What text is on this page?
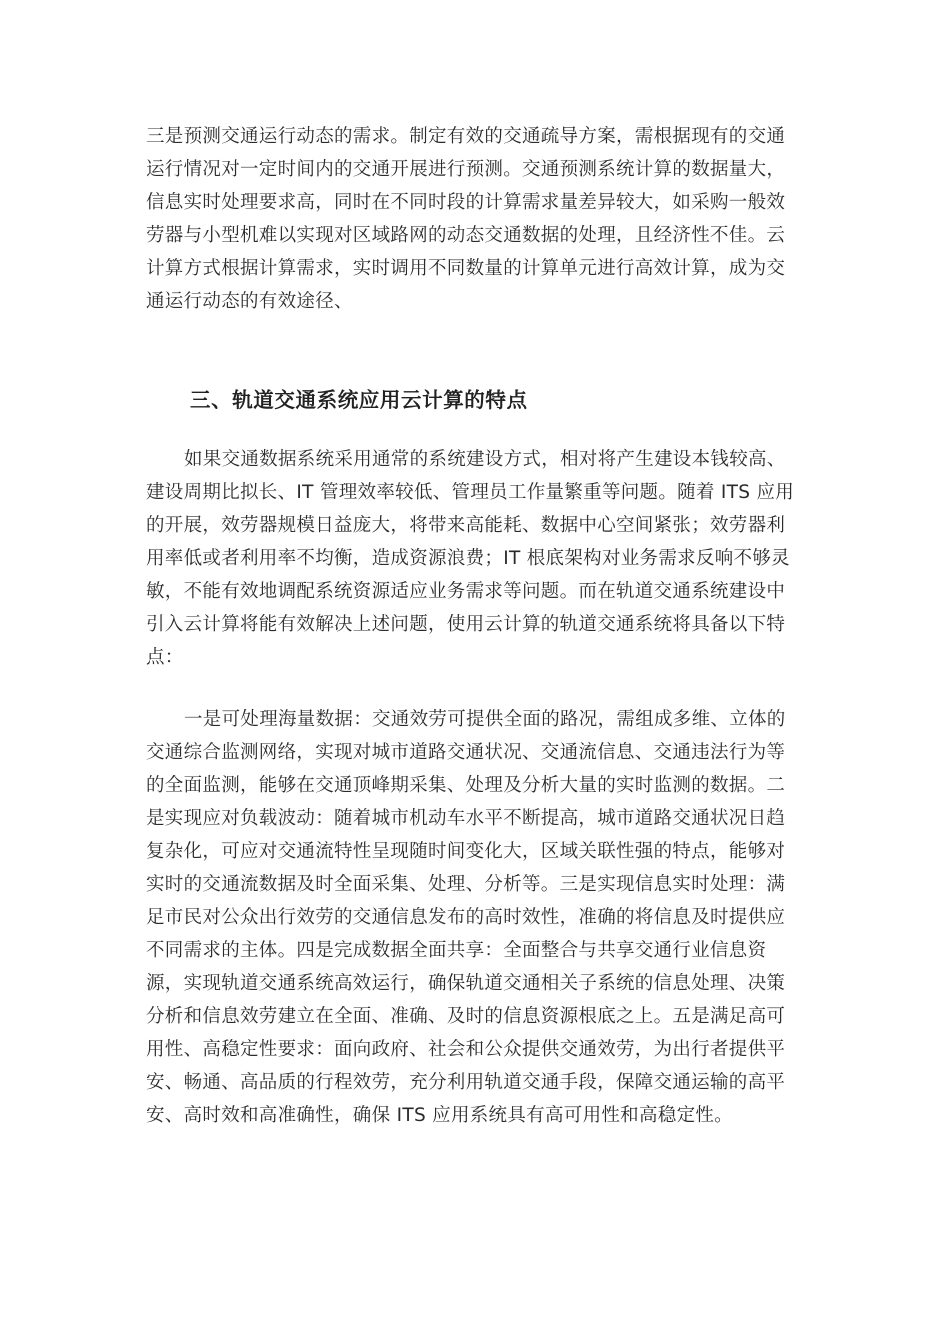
三是预测交通运行动态的需求。制定有效的交通疏导方案，需根据现有的交通
运行情况对一定时间内的交通开展进行预测。交通预测系统计算的数据量大，
信息实时处理要求高，同时在不同时段的计算需求量差异较大，如采购一般效
劳器与小型机难以实现对区域路网的动态交通数据的处理，且经济性不佳。云
计算方式根据计算需求，实时调用不同数量的计算单元进行高效计算，成为交
通运行动态的有效途径、
三、轨道交通系统应用云计算的特点
如果交通数据系统采用通常的系统建设方式，相对将产生建设本钱较高、
建设周期比拟长、IT 管理效率较低、管理员工作量繁重等问题。随着 ITS 应用
的开展，效劳器规模日益庞大，将带来高能耗、数据中心空间紧张；效劳器利
用率低或者利用率不均衡，造成资源浪费；IT 根底架构对业务需求反响不够灵
敏，不能有效地调配系统资源适应业务需求等问题。而在轨道交通系统建设中
引入云计算将能有效解决上述问题，使用云计算的轨道交通系统将具备以下特
点：
一是可处理海量数据：交通效劳可提供全面的路况，需组成多维、立体的
交通综合监测网络，实现对城市道路交通状况、交通流信息、交通违法行为等
的全面监测，能够在交通顶峰期采集、处理及分析大量的实时监测的数据。二
是实现应对负载波动：随着城市机动车水平不断提高，城市道路交通状况日趋
复杂化，可应对交通流特性呈现随时间变化大，区域关联性强的特点，能够对
实时的交通流数据及时全面采集、处理、分析等。三是实现信息实时处理：满
足市民对公众出行效劳的交通信息发布的高时效性，准确的将信息及时提供应
不同需求的主体。四是完成数据全面共享：全面整合与共享交通行业信息资
源，实现轨道交通系统高效运行，确保轨道交通相关子系统的信息处理、决策
分析和信息效劳建立在全面、准确、及时的信息资源根底之上。五是满足高可
用性、高稳定性要求：面向政府、社会和公众提供交通效劳，为出行者提供平
安、畅通、高品质的行程效劳，充分利用轨道交通手段，保障交通运输的高平
安、高时效和高准确性，确保 ITS 应用系统具有高可用性和高稳定性。
